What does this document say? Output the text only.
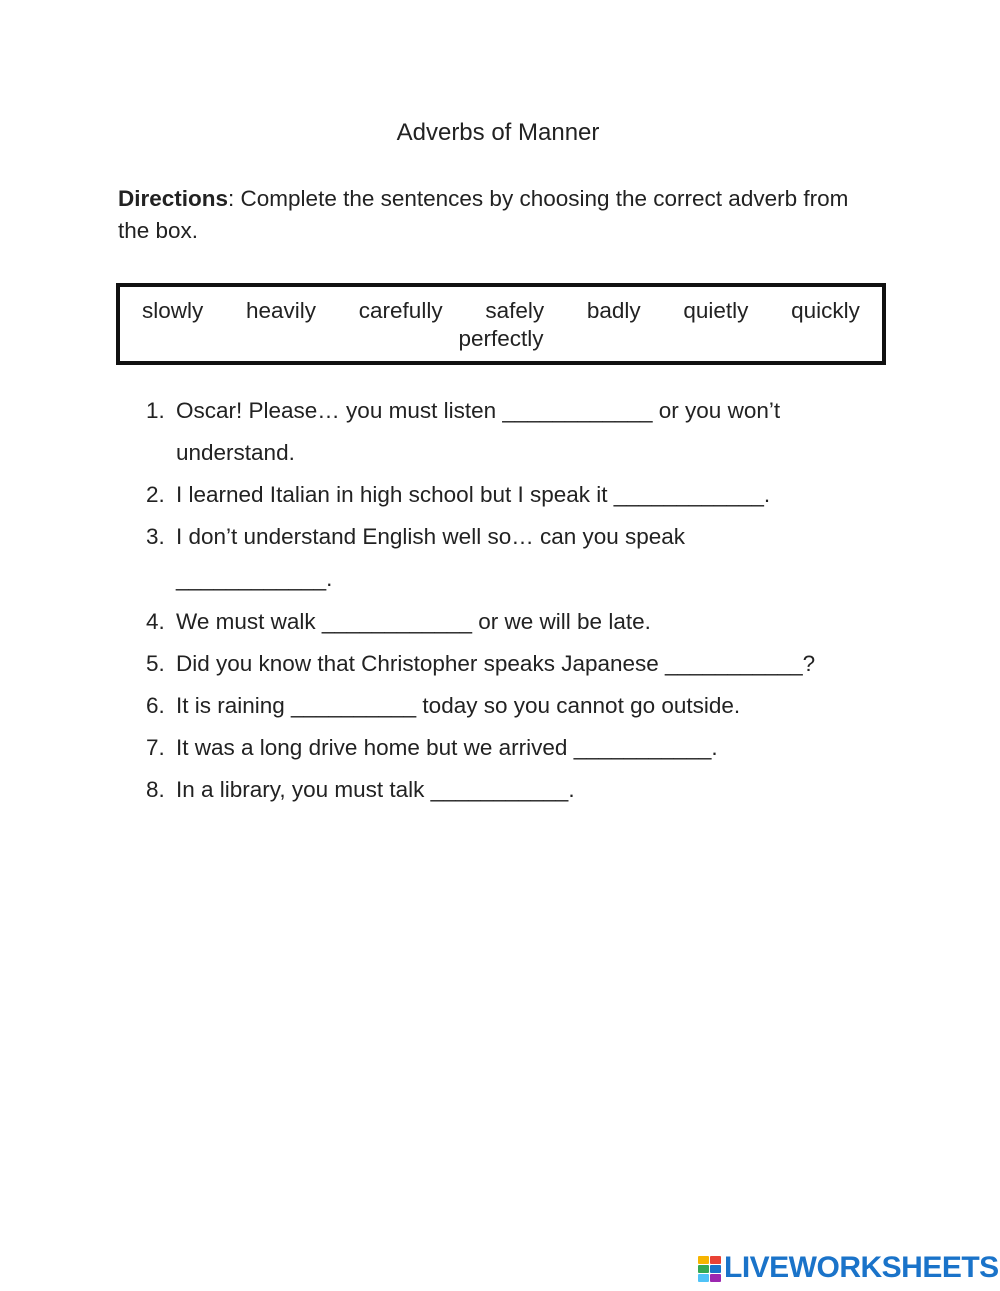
Adverbs of Manner
Directions: Complete the sentences by choosing the correct adverb from the box.
slowly heavily carefully safely badly quietly quickly
perfectly
1. Oscar! Please… you must listen ____________ or you won’t understand.
2. I learned Italian in high school but I speak it ____________.
3. I don’t understand English well so… can you speak ____________.
4. We must walk ____________ or we will be late.
5. Did you know that Christopher speaks Japanese ___________?
6. It is raining __________ today so you cannot go outside.
7. It was a long drive home but we arrived ___________.
8. In a library, you must talk ___________.
LIVEWORKSHEETS
